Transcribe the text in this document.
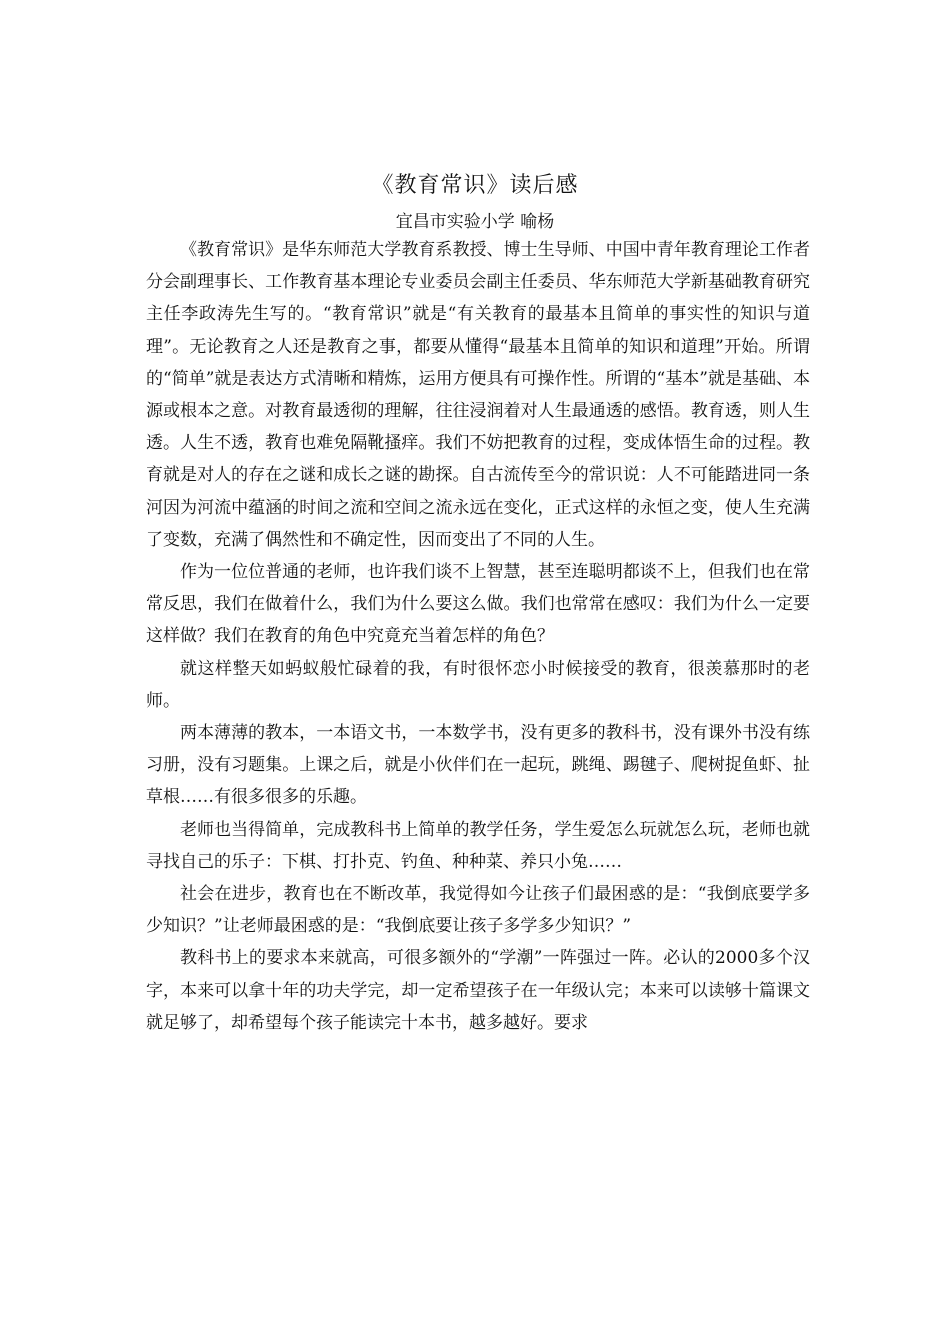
《教育常识》读后感
宜昌市实验小学 喻杨

《教育常识》是华东师范大学教育系教授、博士生导师、中国中青年教育理论工作者分会副理事长、工作教育基本理论专业委员会副主任委员、华东师范大学新基础教育研究主任李政涛先生写的。“教育常识”就是“有关教育的最基本且简单的事实性的知识与道理”。无论教育之人还是教育之事，都要从懂得“最基本且简单的知识和道理”开始。所谓的“简单”就是表达方式清晰和精炼，运用方便具有可操作性。所谓的“基本”就是基础、本源或根本之意。对教育最透彻的理解，往往浸润着对人生最通透的感悟。教育透，则人生透。人生不透，教育也难免隔靴搔痒。我们不妨把教育的过程，变成体悟生命的过程。教育就是对人的存在之谜和成长之谜的勘探。自古流传至今的常识说：人不可能踏进同一条河因为河流中蕴涵的时间之流和空间之流永远在变化，正式这样的永恒之变，使人生充满了变数，充满了偶然性和不确定性，因而变出了不同的人生。

作为一位位普通的老师，也许我们谈不上智慧，甚至连聪明都谈不上，但我们也在常常反思，我们在做着什么，我们为什么要这么做。我们也常常在感叹：我们为什么一定要这样做？我们在教育的角色中究竟充当着怎样的角色？

就这样整天如蚂蚁般忙碌着的我，有时很怀恋小时候接受的教育，很羡慕那时的老师。

两本薄薄的教本，一本语文书，一本数学书，没有更多的教科书，没有课外书没有练习册，没有习题集。上课之后，就是小伙伴们在一起玩，跳绳、踢毽子、爬树捉鱼虾、扯草根……有很多很多的乐趣。

老师也当得简单，完成教科书上简单的教学任务，学生爱怎么玩就怎么玩，老师也就寻找自己的乐子：下棋、打扑克、钓鱼、种种菜、养只小兔……

社会在进步，教育也在不断改革，我觉得如今让孩子们最困惑的是：“我倒底要学多少知识？”让老师最困惑的是：“我倒底要让孩子多学多少知识？”

教科书上的要求本来就高，可很多额外的“学潮”一阵强过一阵。必认的2000多个汉字，本来可以拿十年的功夫学完，却一定希望孩子在一年级认完；本来可以读够十篇课文就足够了，却希望每个孩子能读完十本书，越多越好。要求
